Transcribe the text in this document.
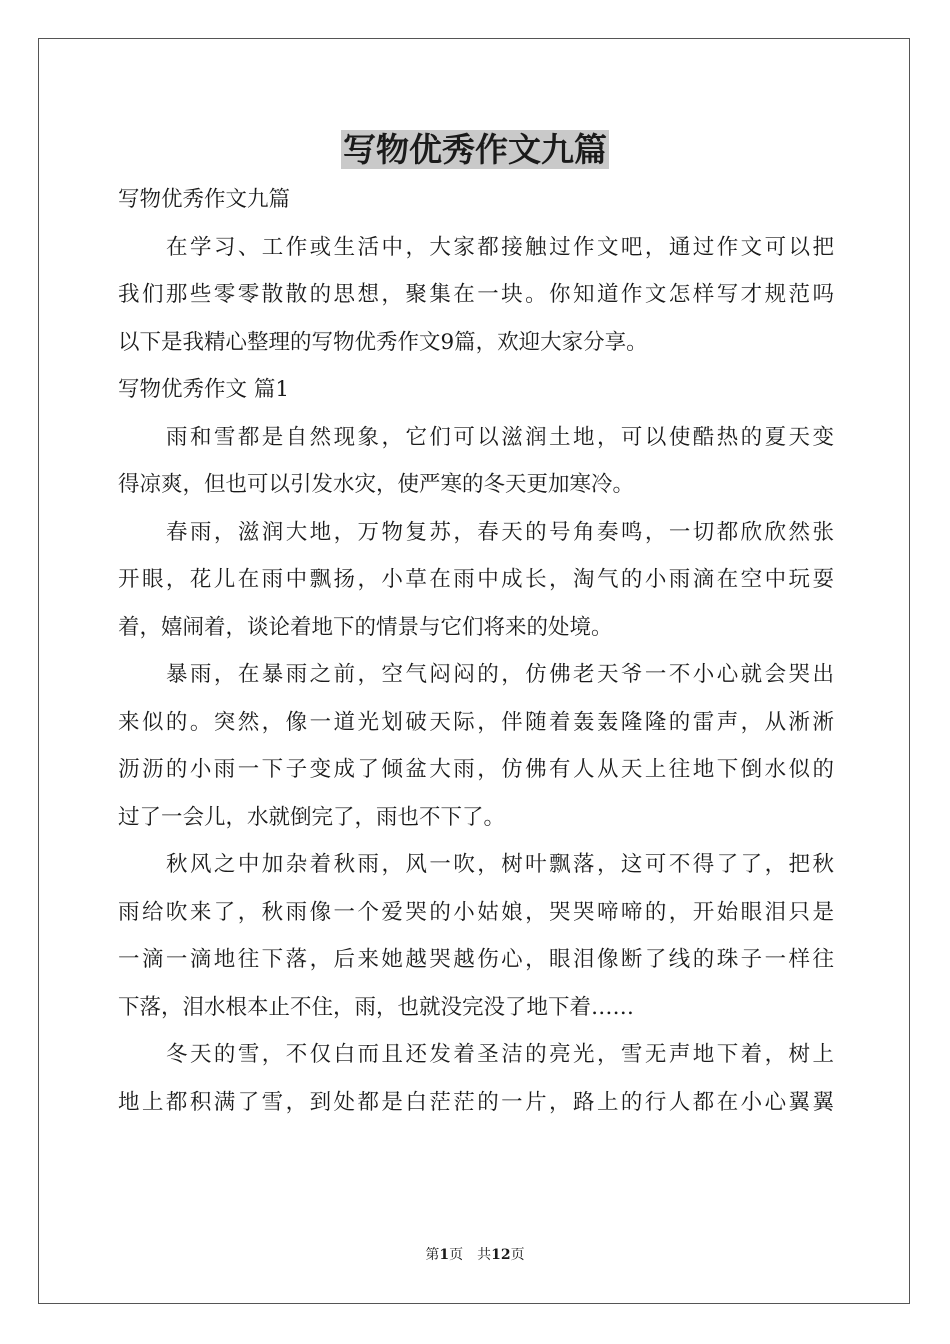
写物优秀作文九篇
写物优秀作文九篇
在学习、工作或生活中，大家都接触过作文吧，通过作文可以把
我们那些零零散散的思想，聚集在一块。你知道作文怎样写才规范吗
以下是我精心整理的写物优秀作文9篇，欢迎大家分享。
写物优秀作文 篇1
雨和雪都是自然现象，它们可以滋润土地，可以使酷热的夏天变
得凉爽，但也可以引发水灾，使严寒的冬天更加寒冷。
春雨，滋润大地，万物复苏，春天的号角奏鸣，一切都欣欣然张
开眼，花儿在雨中飘扬，小草在雨中成长，淘气的小雨滴在空中玩耍
着，嬉闹着，谈论着地下的情景与它们将来的处境。
暴雨，在暴雨之前，空气闷闷的，仿佛老天爷一不小心就会哭出
来似的。突然，像一道光划破天际，伴随着轰轰隆隆的雷声，从淅淅
沥沥的小雨一下子变成了倾盆大雨，仿佛有人从天上往地下倒水似的
过了一会儿，水就倒完了，雨也不下了。
秋风之中加杂着秋雨，风一吹，树叶飘落，这可不得了了，把秋
雨给吹来了，秋雨像一个爱哭的小姑娘，哭哭啼啼的，开始眼泪只是
一滴一滴地往下落，后来她越哭越伤心，眼泪像断了线的珠子一样往
下落，泪水根本止不住，雨，也就没完没了地下着……
冬天的雪，不仅白而且还发着圣洁的亮光，雪无声地下着，树上
地上都积满了雪，到处都是白茫茫的一片，路上的行人都在小心翼翼
第1页 共12页
